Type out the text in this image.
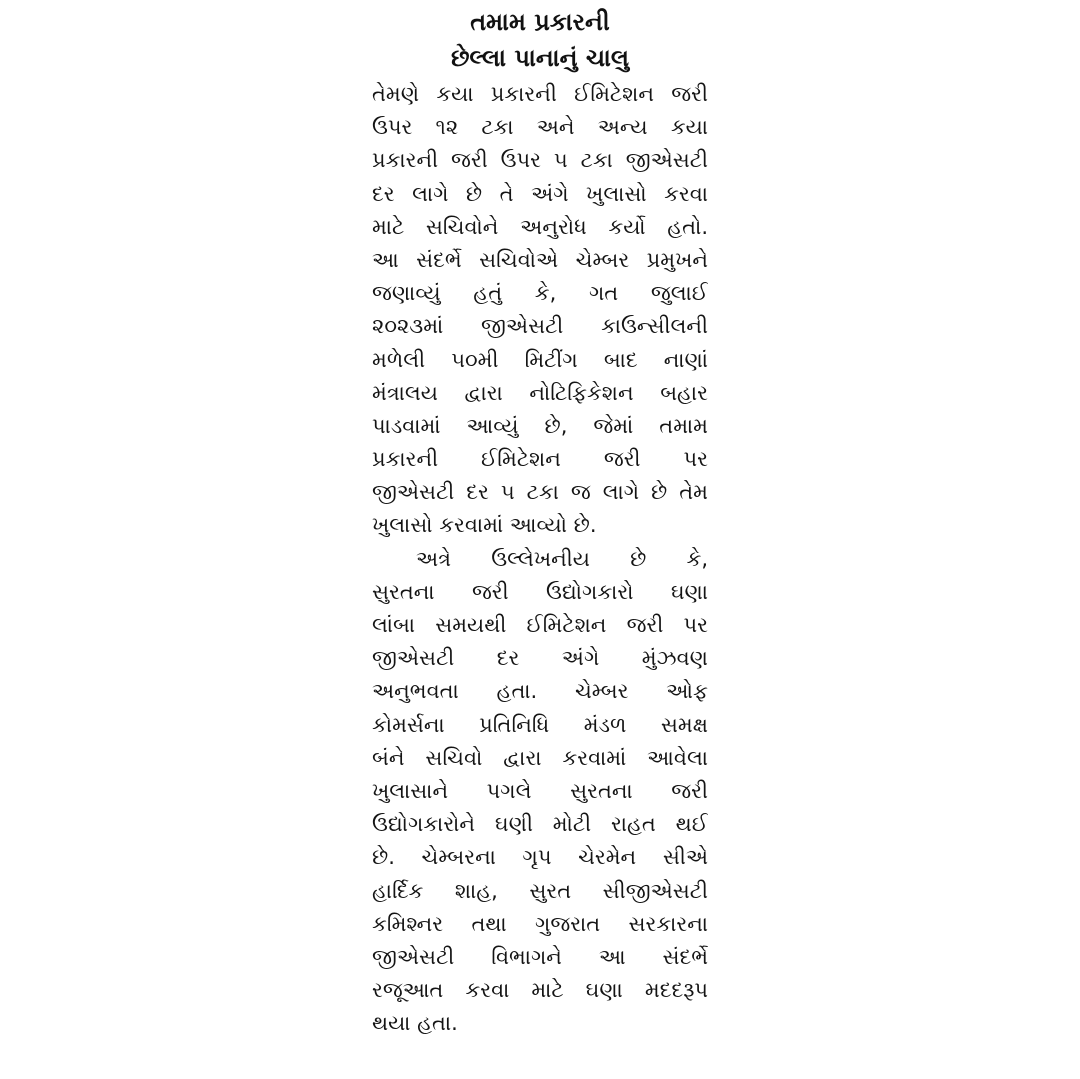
તમામ પ્રકારની
છેલ્લા પાનાનું ચાલુ
તેમણે કયા પ્રકારની ઈમિટેશન જરી
ઉપર ૧૨ ટકા અને અન્ય કયા
પ્રકારની જરી ઉપર ૫ ટકા જીએસટી
દર લાગે છે તે અંગે ખુલાસો કરવા
માટે સચિવોને અનુરોધ કર્યો હતો.
આ સંદર્ભે સચિવોએ ચેમ્બર પ્રમુખને
જણાવ્યું હતું કે, ગત જુલાઈ
૨૦૨૩માં જીએસટી કાઉન્સીલની
મળેલી ૫૦મી મિટીંગ બાદ નાણાં
મંત્રાલય દ્વારા નોટિફિકેશન બહાર
પાડવામાં આવ્યું છે, જેમાં તમામ
પ્રકારની ઈમિટેશન જરી પર
જીએસટી દર ૫ ટકા જ લાગે છે તેમ
ખુલાસો કરવામાં આવ્યો છે.
અત્રે ઉલ્લેખનીય છે કે,
સુરતના જરી ઉદ્યોગકારો ઘણા
લાંબા સમયથી ઈમિટેશન જરી પર
જીએસટી દર અંગે મુંઝવણ
અનુભવતા હતા. ચેમ્બર ઓફ
કોમર્સના પ્રતિનિધિ મંડળ સમક્ષ
બંને સચિવો દ્વારા કરવામાં આવેલા
ખુલાસાને પગલે સુરતના જરી
ઉદ્યોગકારોને ઘણી મોટી રાહત થઈ
છે. ચેમ્બરના ગૃપ ચેરમેન સીએ
હાર્દિક શાહ, સુરત સીજીએસટી
કમિશ્નર તથા ગુજરાત સરકારના
જીએસટી વિભાગને આ સંદર્ભે
રજૂઆત કરવા માટે ઘણા મદદરૂપ
થયા હતા.
